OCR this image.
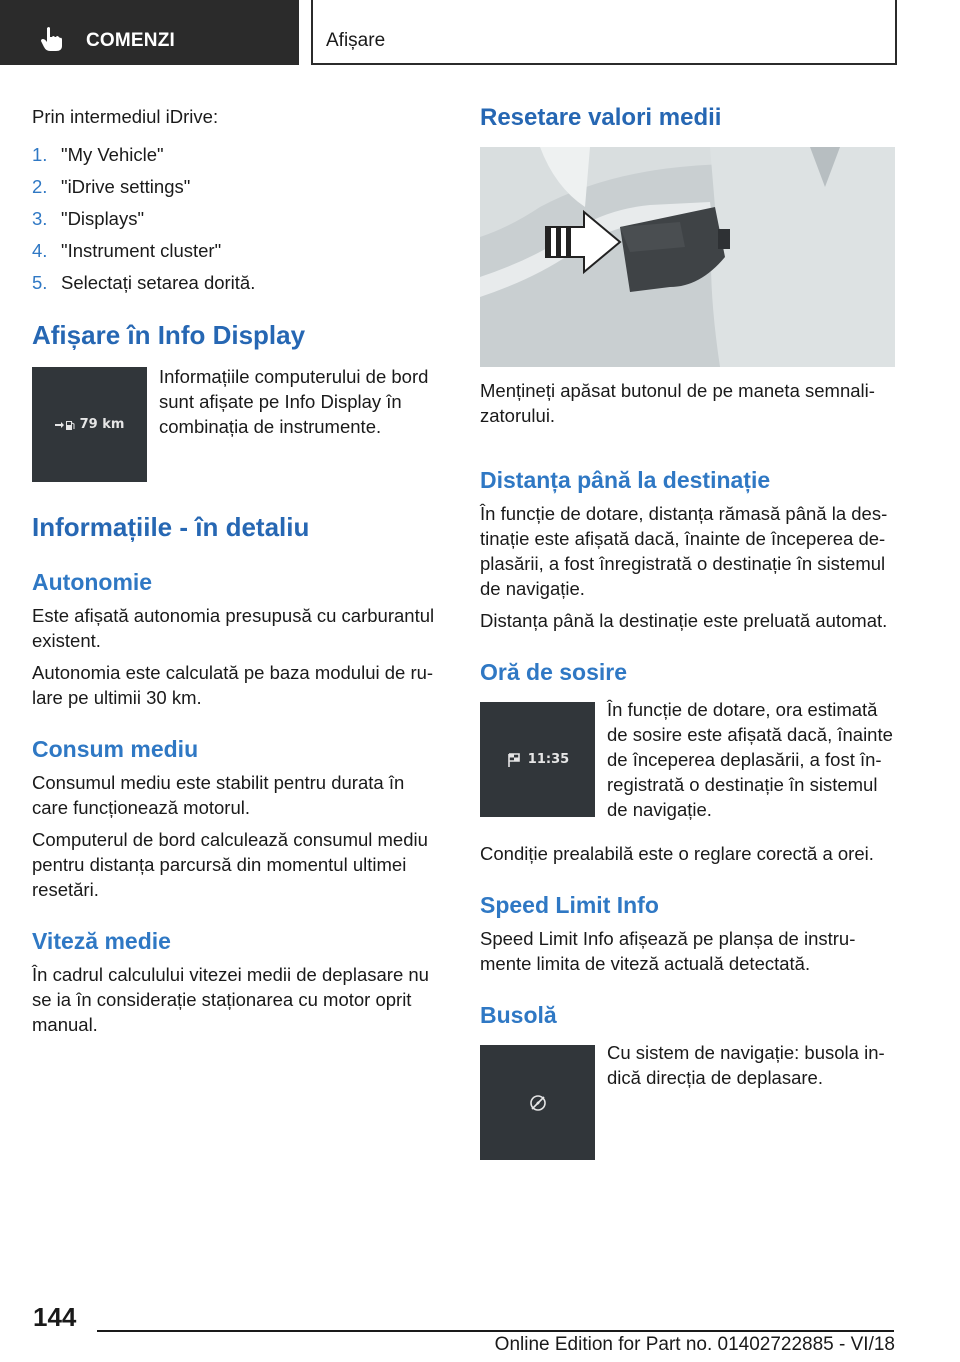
COMENZI	Afișare
Prin intermediul iDrive:
1. "My Vehicle"
2. "iDrive settings"
3. "Displays"
4. "Instrument cluster"
5. Selectați setarea dorită.
Afișare în Info Display
79 km
Informațiile computerului de bord
sunt afișate pe Info Display în
combinația de instrumente.
Informațiile - în detaliu
Autonomie
Este afișată autonomia presupusă cu carburantul
existent.
Autonomia este calculată pe baza modului de ru-
lare pe ultimii 30 km.
Consum mediu
Consumul mediu este stabilit pentru durata în
care funcționează motorul.
Computerul de bord calculează consumul mediu
pentru distanța parcursă din momentul ultimei
resetări.
Viteză medie
În cadrul calculului vitezei medii de deplasare nu
se ia în considerație staționarea cu motor oprit
manual.
Resetare valori medii
Mențineți apăsat butonul de pe maneta semnali-
zatorului.
Distanța până la destinație
În funcție de dotare, distanța rămasă până la des-
tinație este afișată dacă, înainte de începerea de-
plasării, a fost înregistrată o destinație în sistemul
de navigație.
Distanța până la destinație este preluată automat.
Oră de sosire
11:35
În funcție de dotare, ora estimată
de sosire este afișată dacă, înainte
de începerea deplasării, a fost în-
registrată o destinație în sistemul
de navigație.
Condiție prealabilă este o reglare corectă a orei.
Speed Limit Info
Speed Limit Info afișează pe planșa de instru-
mente limita de viteză actuală detectată.
Busolă
Cu sistem de navigație: busola in-
dică direcția de deplasare.
144
Online Edition for Part no. 01402722885 - VI/18
